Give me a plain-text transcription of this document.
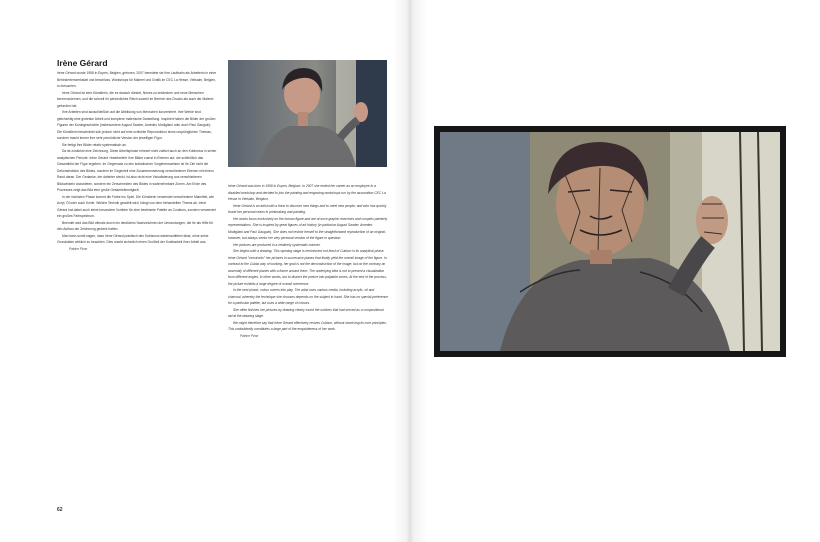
Irène Gérard

Irène Gérard wurde 1958 in Eupen, Belgien, geboren. 2007 beendete sie ihre Laufbahn als Arbeiterin in einer Behindertenwerkstatt und beschloss, Workshops für Malerei und Grafik im CEC La Hesse, Vielsalm, Belgien, zu besuchen.

Irène Gérard ist eine Künstlerin, die es danach dürstet, Neues zu entdecken und neue Menschen kennenzulernen, und die schnell ihr persönliches Reich sowohl im Bereich des Drucks als auch der Malerei gefunden hat.

Ihre Arbeiten sind ausschließlich auf die Abbildung von Menschen konzentriert. Ihre Werke sind gleichzeitig eine groteske Arbeit und komplexe malerische Darstellung. Inspiriert haben die Bilder der großen Figuren der Kunstgeschichte (insbesondere August Sander, Amedeo Modigliani oder auch Paul Gauguin). Die Künstlerin beschränkt sich jedoch nicht auf eine schlichte Reproduktion eines ursprünglichen Themas, sondern macht immer ihre sehr persönliche Version der jeweiligen Figur.

Sie fertigt ihre Bilder relativ systematisch an.

Da ist zunächst eine Zeichnung. Diese Arbeitsphase erinnert nicht zuletzt auch an den Kubismus in seiner analytischen Periode. Irène Gérard »bearbeitet« ihre Bilder zuerst in Ebenen auf, die schließlich das Gesamtbild der Figur ergeben. Im Gegensatz zu den kubistischen Vorgehensweisen ist ihr Ziel nicht die Dekonstruktion des Bildes, sondern im Gegenteil eine Zusammensetzung verschiedener Ebenen mit einem Rand daran. Der Gedanke, der dahinter steckt, ist also nicht eine Visualisierung aus verschiedenen Blickwinkeln anzubieten, sondern ein Zerschneiden des Bildes in wahrnehmbare Zonen. Am Ende des Prozesses zeigt das Bild eine große Gesamtstimmigkeit.

In der nächsten Phase kommt die Farbe ins Spiel. Die Künstlerin verwendet verschiedene Malmittel, wie Acryl, Öl oder auch Kohle. Welche Technik gewählt wird, hängt von dem behandelten Thema ab. Irène Gérard hat dabei auch keine besondere Vorliebe für eine bestimmte Palette an Couleurs, sondern verwendet ein großes Farbspektrum.

Beendet wird das Bild oftmals durch ein deutliches Nachzeichnen der Umrandungen, die ihr als Hilfe für den Aufbau der Zeichnung gedient hatten.

Man kann somit sagen, dass Irène Gérard praktisch den Kubismus wiederaufleben lässt, ohne seine Grundsätze wirklich zu beachten. Dies macht sicherlich einen Großteil der Kostbarkeit ihrer Arbeit aus.

Patrice Piron

Irène Gérard was born in 1958 in Eupen, Belgium. In 2007 she ended her career as an employee in a disabled workshop and decided to join the painting and engraving workshops run by the association CEC La Hesse in Vielsalm, Belgium.

Irène Gérard is an artist with a thirst to discover new things and to meet new people, and who has quickly found her personal realm in printmaking and painting.

Her works focus exclusively on the human figure and are at once graphic exercises and complex painterly representations. She is inspired by great figures of art history (in particular August Sander, Amedeo Modigliani and Paul Gauguin). She does not restrict herself to the straightforward reproduction of an original, however, but always seeks her very personal version of the figure in question.

Her pictures are produced in a relatively systematic manner.

She begins with a drawing. This opening stage is reminiscent not least of Cubism in its analytical phase. Irène Gérard "constructs" her pictures in successive planes that finally yield the overall image of the figure. In contrast to the Cubist way of working, her goal is not the deconstruction of the image, but on the contrary an assembly of different planes with a frame around them. The underlying idea is not to present a visualization from different angles, in other words, but to dissect the picture into palpable zones. At the end of the process, the picture exhibits a large degree of overall coherence.

In the next phase, colour comes into play. The artist uses various media, including acrylic, oil and charcoal, whereby the technique she chooses depends on the subject in hand. She has no special preference for a particular palette, but uses a wide range of colours.

She often finishes her pictures by drawing clearly round the outlines that had served as a compositional aid at the drawing stage.

We might therefore say that Irène Gérard effectively revives Cubism, without observing its core principles. This undoubtedly constitutes a large part of the exquisiteness of her work.

Patrice Piron

62
